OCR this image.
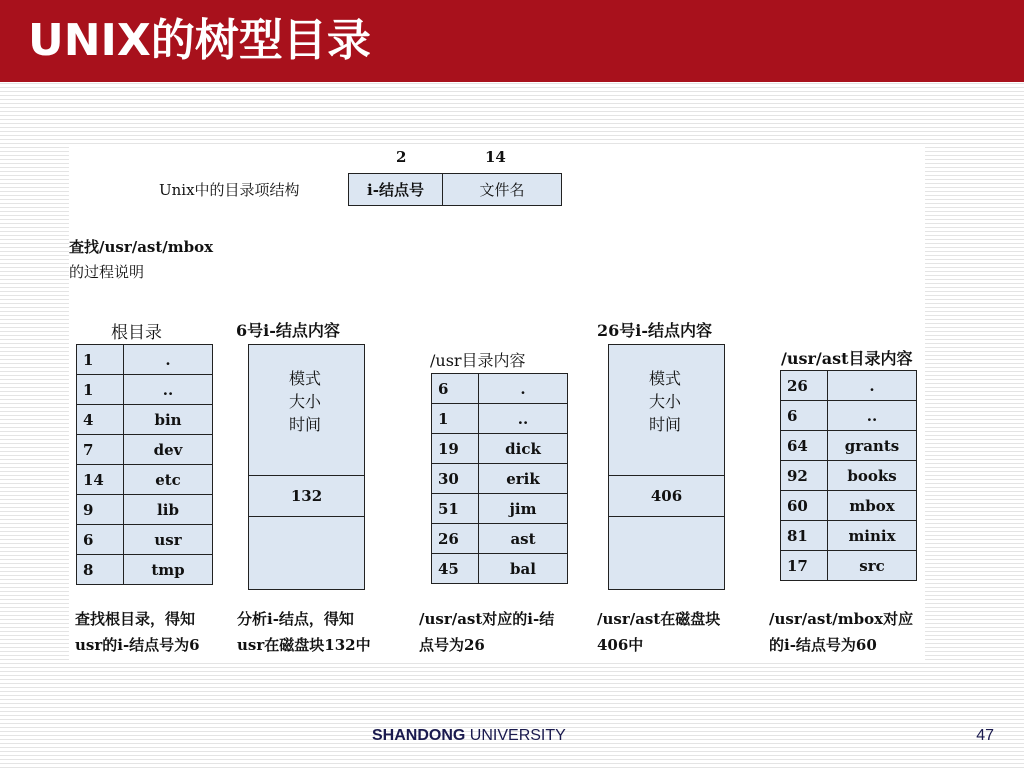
UNIX的树型目录
2	14
Unix中的目录项结构	i-结点号	文件名
查找/usr/ast/mbox
的过程说明
根目录
1	.
1	..
4	bin
7	dev
14	etc
9	lib
6	usr
8	tmp
查找根目录，得知
usr的i-结点号为6
6号i-结点内容
模式
大小
时间
132
分析i-结点，得知
usr在磁盘块132中
/usr目录内容
6	.
1	..
19	dick
30	erik
51	jim
26	ast
45	bal
/usr/ast对应的i-结
点号为26
26号i-结点内容
模式
大小
时间
406
/usr/ast在磁盘块
406中
/usr/ast目录内容
26	.
6	..
64	grants
92	books
60	mbox
81	minix
17	src
/usr/ast/mbox对应
的i-结点号为60
SHANDONG UNIVERSITY	47
